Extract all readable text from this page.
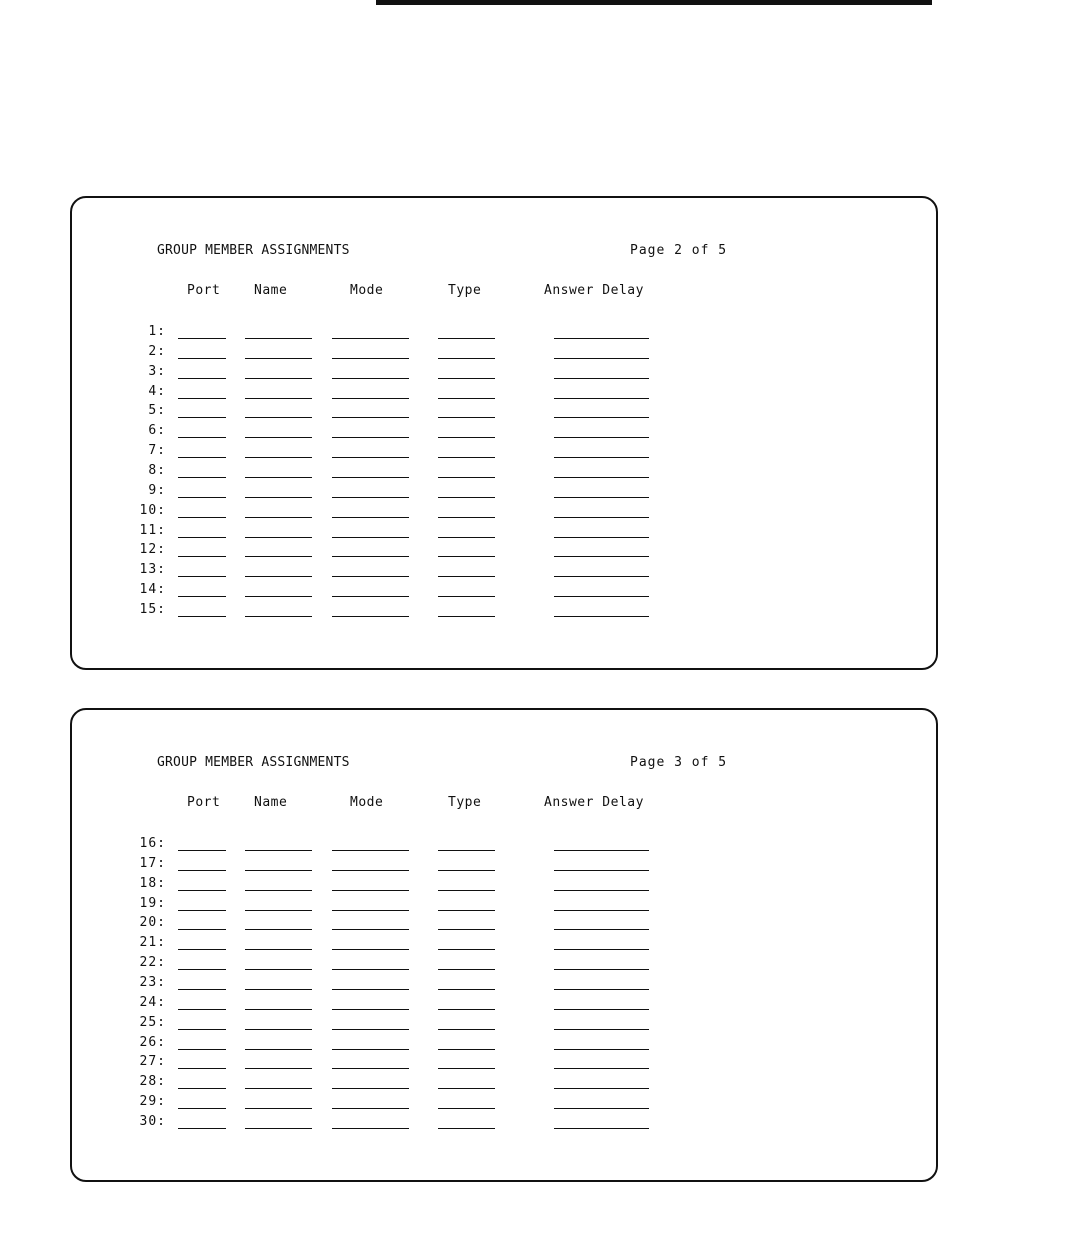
GROUP MEMBER ASSIGNMENTS	Page 2 of 5
Port	Name	Mode	Type	Answer Delay
1:
2:
3:
4:
5:
6:
7:
8:
9:
10:
11:
12:
13:
14:
15:
GROUP MEMBER ASSIGNMENTS	Page 3 of 5
Port	Name	Mode	Type	Answer Delay
16:
17:
18:
19:
20:
21:
22:
23:
24:
25:
26:
27:
28:
29:
30:
